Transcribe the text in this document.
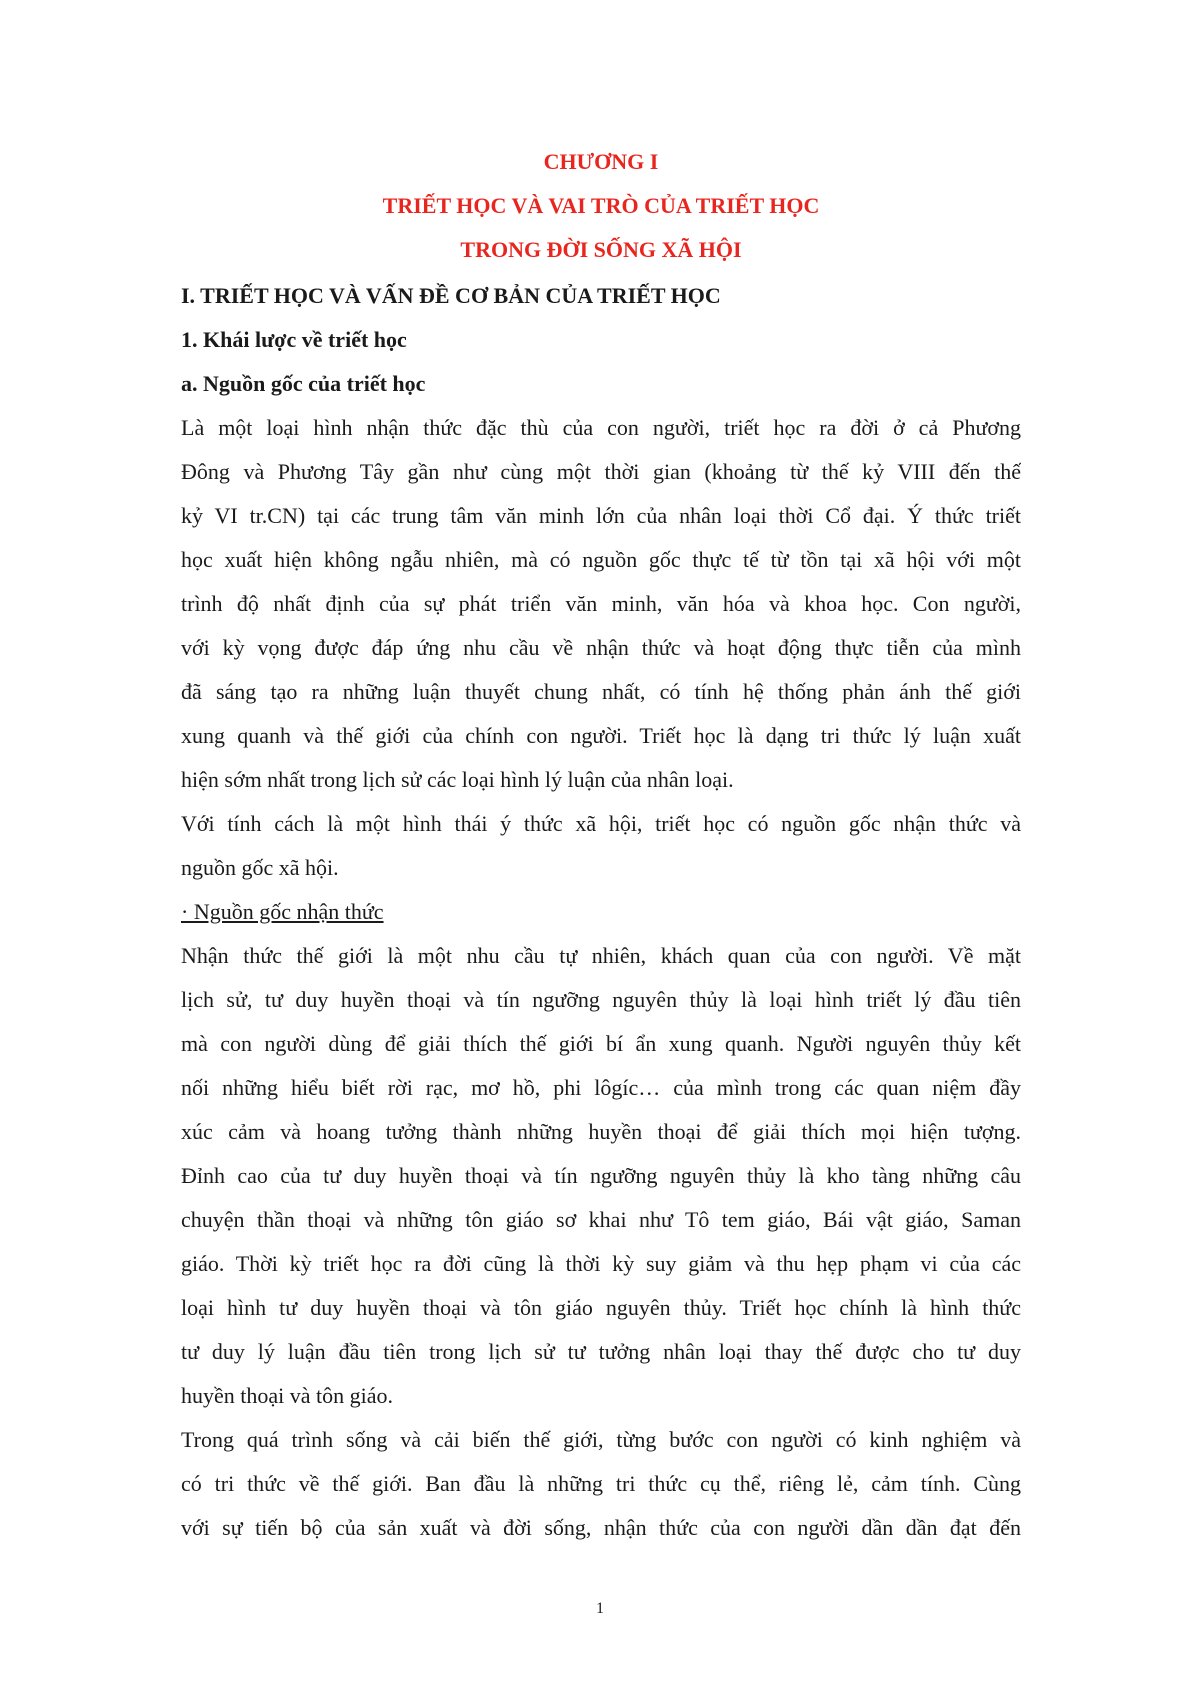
CHƯƠNG I

TRIẾT HỌC VÀ VAI TRÒ CỦA TRIẾT HỌC

TRONG ĐỜI SỐNG XÃ HỘI

I. TRIẾT HỌC VÀ VẤN ĐỀ CƠ BẢN CỦA TRIẾT HỌC

1. Khái lược về triết học

a. Nguồn gốc của triết học

Là một loại hình nhận thức đặc thù của con người, triết học ra đời ở cả Phương
Đông và Phương Tây gần như cùng một thời gian (khoảng từ thế kỷ VIII đến thế
kỷ VI tr.CN) tại các trung tâm văn minh lớn của nhân loại thời Cổ đại. Ý thức triết
học xuất hiện không ngẫu nhiên, mà có nguồn gốc thực tế từ tồn tại xã hội với một
trình độ nhất định của sự phát triển văn minh, văn hóa và khoa học. Con người,
với kỳ vọng được đáp ứng nhu cầu về nhận thức và hoạt động thực tiễn của mình
đã sáng tạo ra những luận thuyết chung nhất, có tính hệ thống phản ánh thế giới
xung quanh và thế giới của chính con người. Triết học là dạng tri thức lý luận xuất
hiện sớm nhất trong lịch sử các loại hình lý luận của nhân loại.
Với tính cách là một hình thái ý thức xã hội, triết học có nguồn gốc nhận thức và
nguồn gốc xã hội.

· Nguồn gốc nhận thức

Nhận thức thế giới là một nhu cầu tự nhiên, khách quan của con người. Về mặt
lịch sử, tư duy huyền thoại và tín ngưỡng nguyên thủy là loại hình triết lý đầu tiên
mà con người dùng để giải thích thế giới bí ẩn xung quanh. Người nguyên thủy kết
nối những hiểu biết rời rạc, mơ hồ, phi lôgíc… của mình trong các quan niệm đầy
xúc cảm và hoang tưởng thành những huyền thoại để giải thích mọi hiện tượng.
Đỉnh cao của tư duy huyền thoại và tín ngưỡng nguyên thủy là kho tàng những câu
chuyện thần thoại và những tôn giáo sơ khai như Tô tem giáo, Bái vật giáo, Saman
giáo. Thời kỳ triết học ra đời cũng là thời kỳ suy giảm và thu hẹp phạm vi của các
loại hình tư duy huyền thoại và tôn giáo nguyên thủy. Triết học chính là hình thức
tư duy lý luận đầu tiên trong lịch sử tư tưởng nhân loại thay thế được cho tư duy
huyền thoại và tôn giáo.
Trong quá trình sống và cải biến thế giới, từng bước con người có kinh nghiệm và
có tri thức về thế giới. Ban đầu là những tri thức cụ thể, riêng lẻ, cảm tính. Cùng
với sự tiến bộ của sản xuất và đời sống, nhận thức của con người dần dần đạt đến
1
